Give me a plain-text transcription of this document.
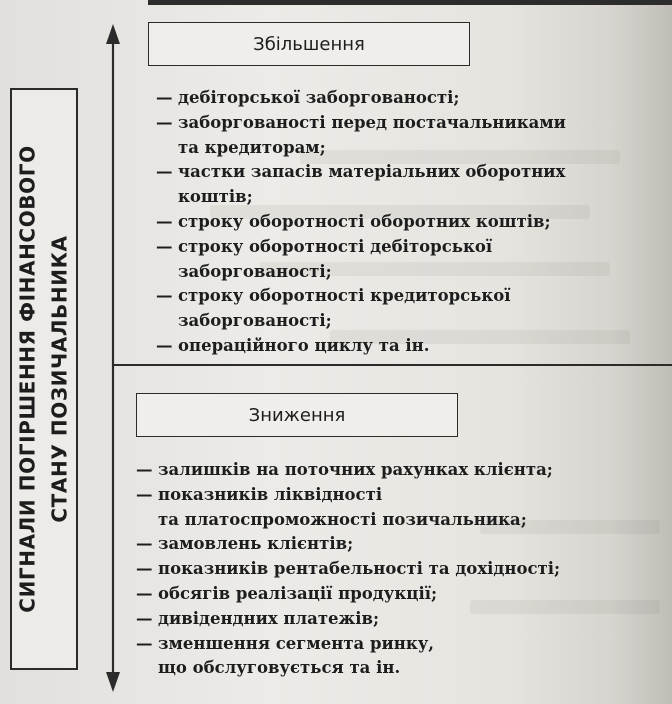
СИГНАЛИ ПОГІРШЕННЯ ФІНАНСОВОГО СТАНУ ПОЗИЧАЛЬНИКА
Збільшення
— дебіторської заборгованості;
— заборгованості перед постачальниками
та кредиторам;
— частки запасів матеріальних оборотних
коштів;
— строку оборотності оборотних коштів;
— строку оборотності дебіторської
заборгованості;
— строку оборотності кредиторської
заборгованості;
— операційного циклу та ін.
Зниження
— залишків на поточних рахунках клієнта;
— показників ліквідності
та платоспроможності позичальника;
— замовлень клієнтів;
— показників рентабельності та дохідності;
— обсягів реалізації продукції;
— дивідендних платежів;
— зменшення сегмента ринку,
що обслуговується та ін.
